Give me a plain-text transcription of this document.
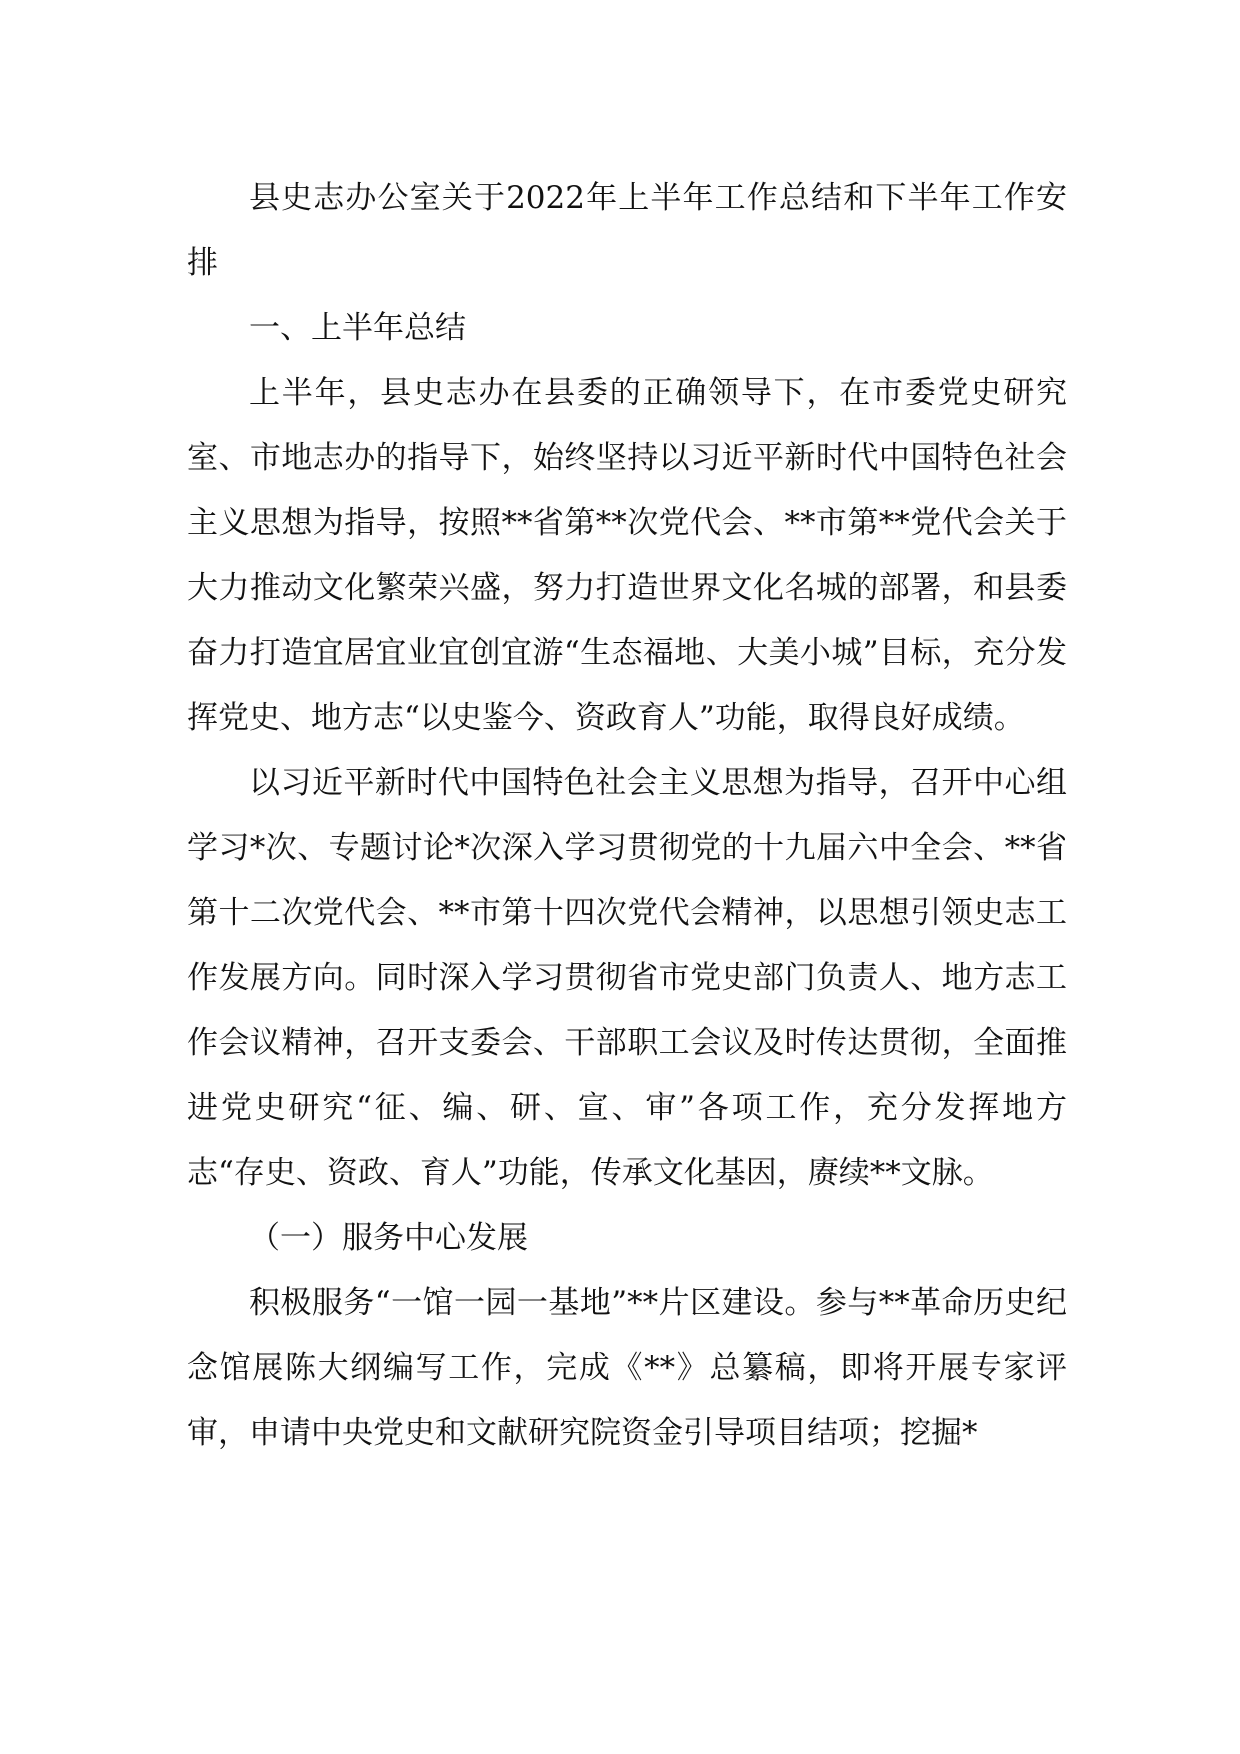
县史志办公室关于2022年上半年工作总结和下半年工作安排

一、上半年总结

上半年，县史志办在县委的正确领导下，在市委党史研究室、市地志办的指导下，始终坚持以习近平新时代中国特色社会主义思想为指导，按照**省第**次党代会、**市第**党代会关于大力推动文化繁荣兴盛，努力打造世界文化名城的部署，和县委奋力打造宜居宜业宜创宜游“生态福地、大美小城”目标，充分发挥党史、地方志“以史鉴今、资政育人”功能，取得良好成绩。

以习近平新时代中国特色社会主义思想为指导，召开中心组学习*次、专题讨论*次深入学习贯彻党的十九届六中全会、**省第十二次党代会、**市第十四次党代会精神，以思想引领史志工作发展方向。同时深入学习贯彻省市党史部门负责人、地方志工作会议精神，召开支委会、干部职工会议及时传达贯彻，全面推进党史研究“征、编、研、宣、审”各项工作，充分发挥地方志“存史、资政、育人”功能，传承文化基因，赓续**文脉。

（一）服务中心发展

积极服务“一馆一园一基地”**片区建设。参与**革命历史纪念馆展陈大纲编写工作，完成《**》总纂稿，即将开展专家评审，申请中央党史和文献研究院资金引导项目结项；挖掘*
